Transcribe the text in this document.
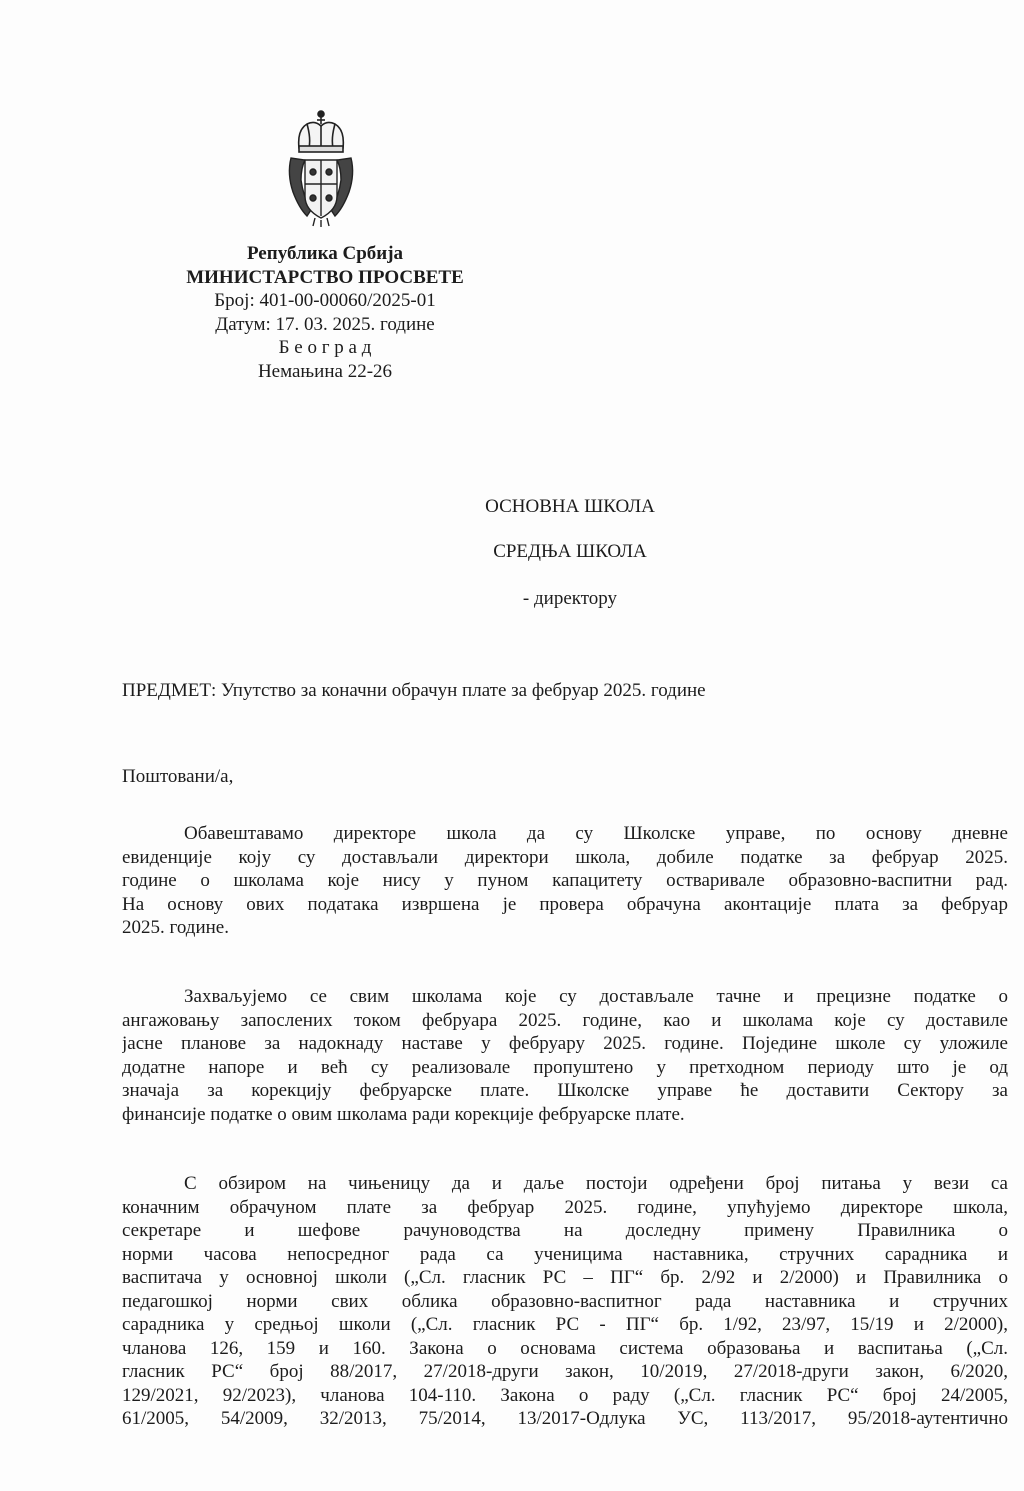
Република Србија
МИНИСТАРСТВО ПРОСВЕТЕ
Број: 401-00-00060/2025-01
Датум: 17. 03. 2025. године
Б е о г р а д
Немањина 22-26
ОСНОВНА ШКОЛА
СРЕДЊА ШКОЛА
- директору
ПРЕДМЕТ: Упутство за коначни обрачун плате за фебруар 2025. године
Поштовани/а,
Обавештавамо директоре школа да су Школске управе, по основу дневне
евиденције коју су достављали директори школа, добиле податке за фебруар 2025.
године о школама које нису у пуном капацитету остваривале образовно-васпитни рад.
На основу ових података извршена је провера обрачуна аконтације плата за фебруар
2025. године.
Захваљујемо се свим школама које су достављале тачне и прецизне податке о
ангажовању запослених током фебруара 2025. године, као и школама које су доставиле
јасне планове за надокнаду наставе у фебруару 2025. године. Поједине школе су уложиле
додатне напоре и већ су реализовале пропуштено у претходном периоду што је од
значаја за корекцију фебруарске плате. Школске управе ће доставити Сектору за
финансије податке о овим школама ради корекције фебруарске плате.
С обзиром на чињеницу да и даље постоји одређени број питања у вези са
коначним обрачуном плате за фебруар 2025. године, упућујемо директоре школа,
секретаре и шефове рачуноводства на доследну примену Правилника о
норми часова непосредног рада са ученицима наставника, стручних сарадника и
васпитача у основној школи („Сл. гласник РС – ПГ“ бр. 2/92 и 2/2000) и Правилника о
педагошкој норми свих облика образовно-васпитног рада наставника и стручних
сарадника у средњој школи („Сл. гласник РС - ПГ“ бр. 1/92, 23/97, 15/19 и 2/2000),
чланова 126, 159 и 160. Закона о основама система образовања и васпитања („Сл.
гласник РС“ број 88/2017, 27/2018-други закон, 10/2019, 27/2018-други закон, 6/2020,
129/2021, 92/2023), чланова 104-110. Закона о раду („Сл. гласник РС“ број 24/2005,
61/2005, 54/2009, 32/2013, 75/2014, 13/2017-Одлука УС, 113/2017, 95/2018-аутентично
